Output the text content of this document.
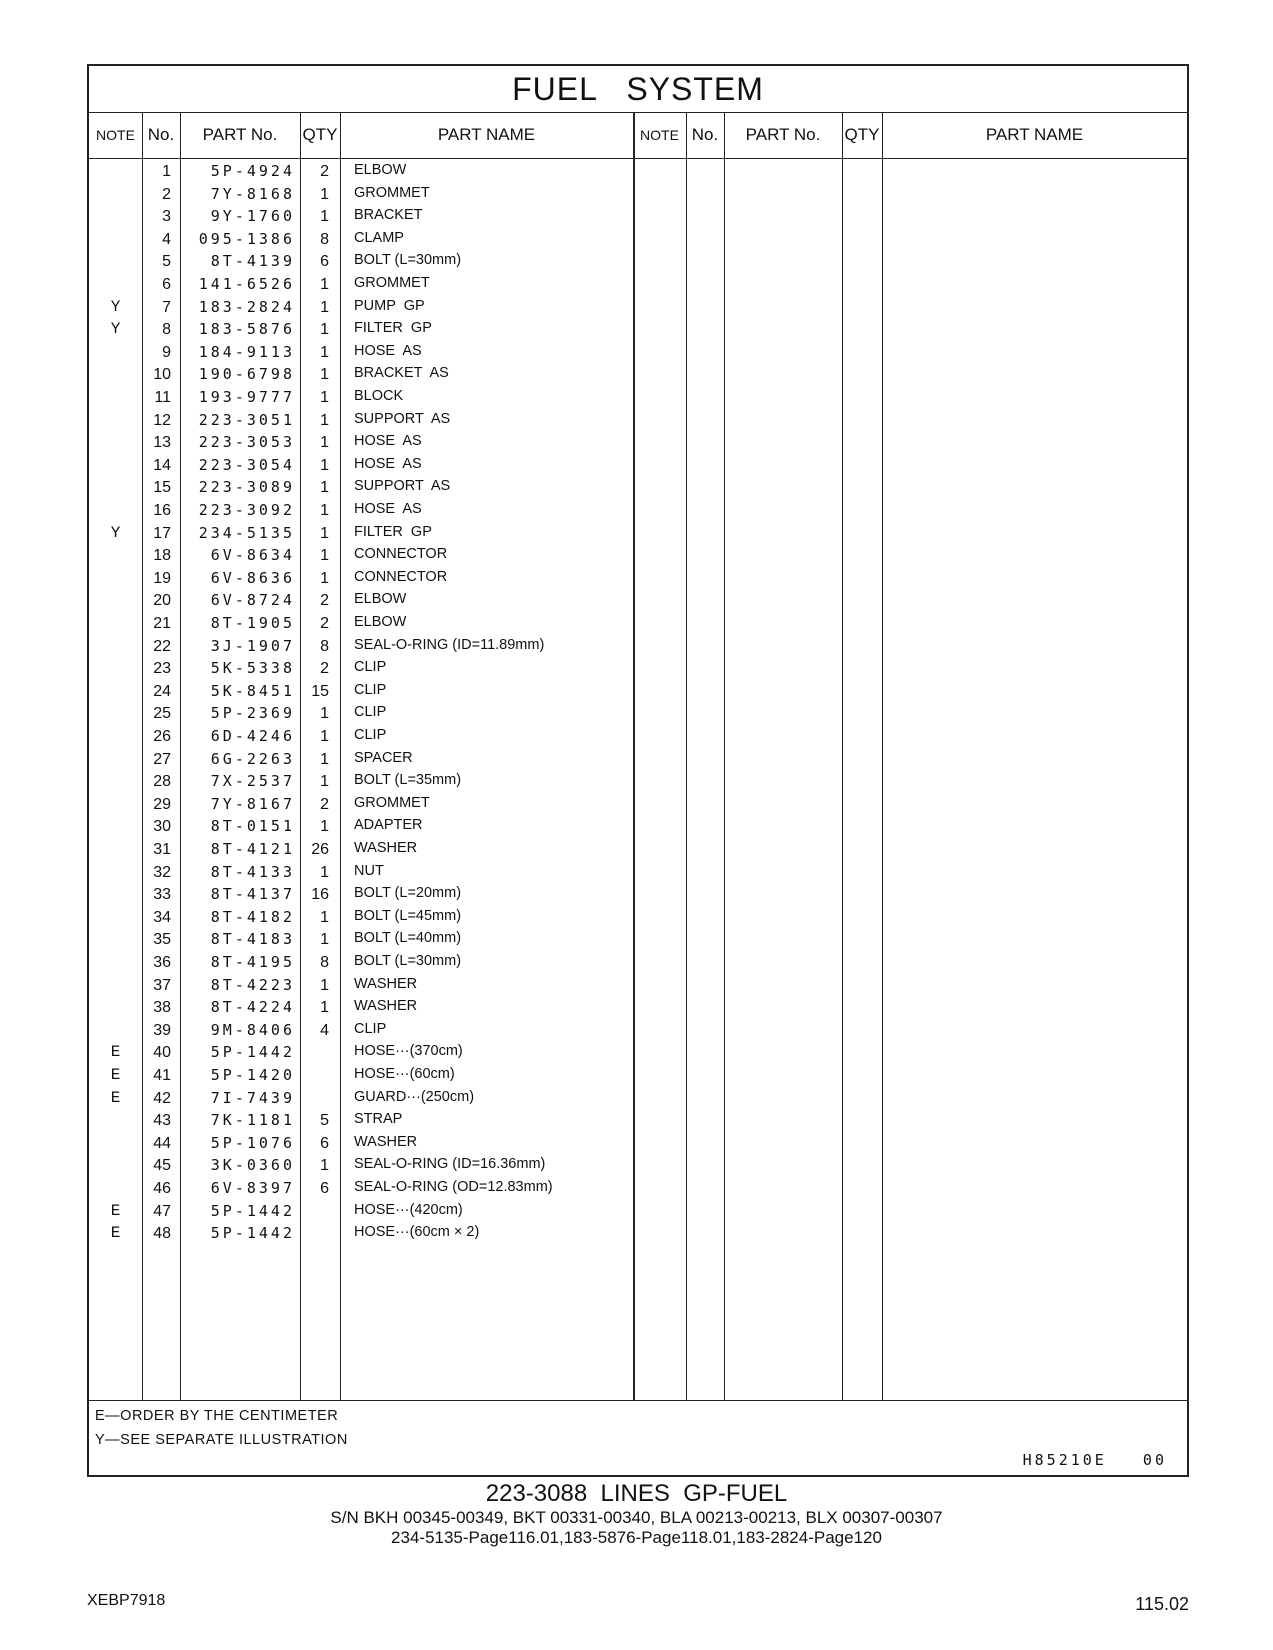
FUEL   SYSTEM
NOTE No.	PART No.	QTY	PART NAME	NOTE No.	PART No.	QTY	PART NAME
1	5P-4924	2 ELBOW
2	7Y-8168	1 GROMMET
3	9Y-1760	1 BRACKET
4	095-1386	8 CLAMP
5	8T-4139	6 BOLT (L=30mm)
6	141-6526	1 GROMMET
Y	7	183-2824	1 PUMP  GP
Y	8	183-5876	1 FILTER  GP
9	184-9113	1 HOSE  AS
10	190-6798	1 BRACKET  AS
11	193-9777	1 BLOCK
12	223-3051	1 SUPPORT  AS
13	223-3053	1 HOSE  AS
14	223-3054	1 HOSE  AS
15	223-3089	1 SUPPORT  AS
16	223-3092	1 HOSE  AS
Y	17	234-5135	1 FILTER  GP
18	6V-8634	1 CONNECTOR
19	6V-8636	1 CONNECTOR
20	6V-8724	2 ELBOW
21	8T-1905	2 ELBOW
22	3J-1907	8 SEAL-O-RING (ID=11.89mm)
23	5K-5338	2 CLIP
24	5K-8451	15 CLIP
25	5P-2369	1 CLIP
26	6D-4246	1 CLIP
27	6G-2263	1 SPACER
28	7X-2537	1 BOLT (L=35mm)
29	7Y-8167	2 GROMMET
30	8T-0151	1 ADAPTER
31	8T-4121	26 WASHER
32	8T-4133	1 NUT
33	8T-4137	16 BOLT (L=20mm)
34	8T-4182	1 BOLT (L=45mm)
35	8T-4183	1 BOLT (L=40mm)
36	8T-4195	8 BOLT (L=30mm)
37	8T-4223	1 WASHER
38	8T-4224	1 WASHER
39	9M-8406	4 CLIP
E	40	5P-1442	HOSE···(370cm)
E	41	5P-1420	HOSE···(60cm)
E	42	7I-7439	GUARD···(250cm)
43	7K-1181	5 STRAP
44	5P-1076	6 WASHER
45	3K-0360	1 SEAL-O-RING (ID=16.36mm)
46	6V-8397	6 SEAL-O-RING (OD=12.83mm)
E	47	5P-1442	HOSE···(420cm)
E	48	5P-1442	HOSE···(60cm × 2)
E—ORDER BY THE CENTIMETER
Y—SEE SEPARATE ILLUSTRATION
H85210E   00
223-3088  LINES  GP-FUEL
S/N BKH 00345-00349, BKT 00331-00340, BLA 00213-00213, BLX 00307-00307
234-5135-Page116.01,183-5876-Page118.01,183-2824-Page120
XEBP7918	115.02
